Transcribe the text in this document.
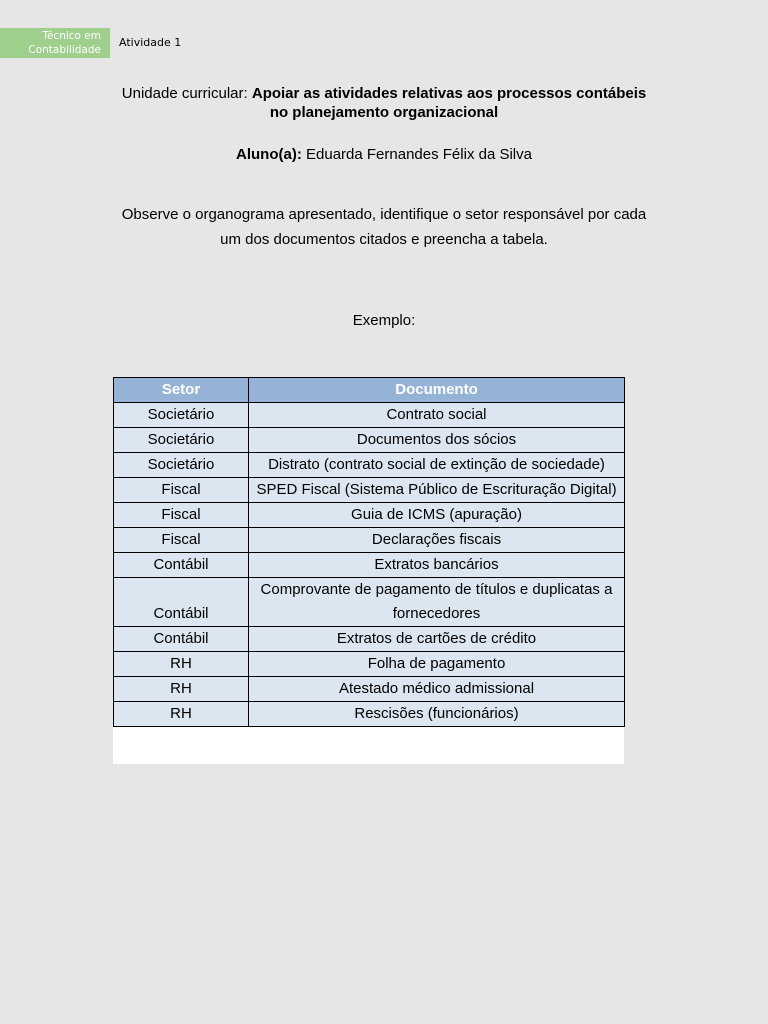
Técnico em
Contabilidade
Atividade 1
Unidade curricular: Apoiar as atividades relativas aos processos contábeis
no planejamento organizacional
Aluno(a): Eduarda Fernandes Félix da Silva
Observe o organograma apresentado, identifique o setor responsável por cada
um dos documentos citados e preencha a tabela.
Exemplo:
Setor	Documento
Societário	Contrato social
Societário	Documentos dos sócios
Societário	Distrato (contrato social de extinção de sociedade)
Fiscal	SPED Fiscal (Sistema Público de Escrituração Digital)
Fiscal	Guia de ICMS (apuração)
Fiscal	Declarações fiscais
Contábil	Extratos bancários
Contábil	Comprovante de pagamento de títulos e duplicatas a fornecedores
Contábil	Extratos de cartões de crédito
RH	Folha de pagamento
RH	Atestado médico admissional
RH	Rescisões (funcionários)
